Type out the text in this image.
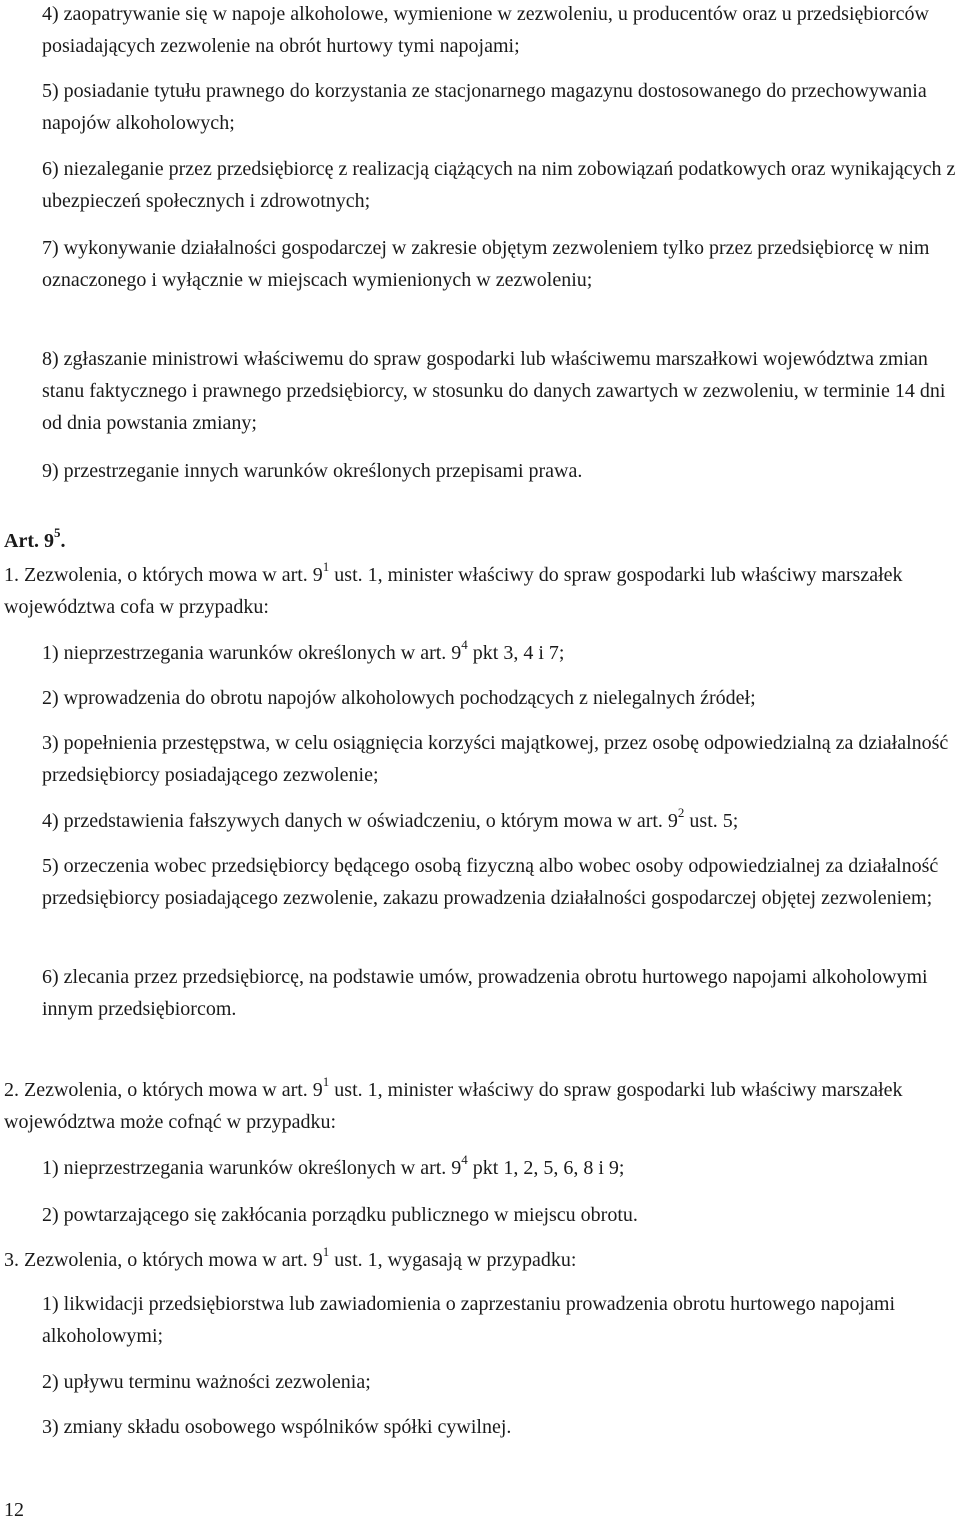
4) zaopatrywanie się w napoje alkoholowe, wymienione w zezwoleniu, u producentów oraz u przedsiębiorców posiadających zezwolenie na obrót hurtowy tymi napojami;
5) posiadanie tytułu prawnego do korzystania ze stacjonarnego magazynu dostosowanego do przechowywania napojów alkoholowych;
6) niezaleganie przez przedsiębiorcę z realizacją ciążących na nim zobowiązań podatkowych oraz wynikających z ubezpieczeń społecznych i zdrowotnych;
7) wykonywanie działalności gospodarczej w zakresie objętym zezwoleniem tylko przez przedsiębiorcę w nim oznaczonego i wyłącznie w miejscach wymienionych w zezwoleniu;
8) zgłaszanie ministrowi właściwemu do spraw gospodarki lub właściwemu marszałkowi województwa zmian stanu faktycznego i prawnego przedsiębiorcy, w stosunku do danych zawartych w zezwoleniu, w terminie 14 dni od dnia powstania zmiany;
9) przestrzeganie innych warunków określonych przepisami prawa.
Art. $9^5$.
1. Zezwolenia, o których mowa w art. $9^1$ ust. 1, minister właściwy do spraw gospodarki lub właściwy marszałek województwa cofa w przypadku:
1) nieprzestrzegania warunków określonych w art. $9^4$ pkt 3, 4 i 7;
2) wprowadzenia do obrotu napojów alkoholowych pochodzących z nielegalnych źródeł;
3) popełnienia przestępstwa, w celu osiągnięcia korzyści majątkowej, przez osobę odpowiedzialną za działalność przedsiębiorcy posiadającego zezwolenie;
4) przedstawienia fałszywych danych w oświadczeniu, o którym mowa w art. $9^2$ ust. 5;
5) orzeczenia wobec przedsiębiorcy będącego osobą fizyczną albo wobec osoby odpowiedzialnej za działalność przedsiębiorcy posiadającego zezwolenie, zakazu prowadzenia działalności gospodarczej objętej zezwoleniem;
6) zlecania przez przedsiębiorcę, na podstawie umów, prowadzenia obrotu hurtowego napojami alkoholowymi innym przedsiębiorcom.
2. Zezwolenia, o których mowa w art. $9^1$ ust. 1, minister właściwy do spraw gospodarki lub właściwy marszałek województwa może cofnąć w przypadku:
1) nieprzestrzegania warunków określonych w art. $9^4$ pkt 1, 2, 5, 6, 8 i 9;
2) powtarzającego się zakłócania porządku publicznego w miejscu obrotu.
3. Zezwolenia, o których mowa w art. $9^1$ ust. 1, wygasają w przypadku:
1) likwidacji przedsiębiorstwa lub zawiadomienia o zaprzestaniu prowadzenia obrotu hurtowego napojami alkoholowymi;
2) upływu terminu ważności zezwolenia;
3) zmiany składu osobowego wspólników spółki cywilnej.
12
